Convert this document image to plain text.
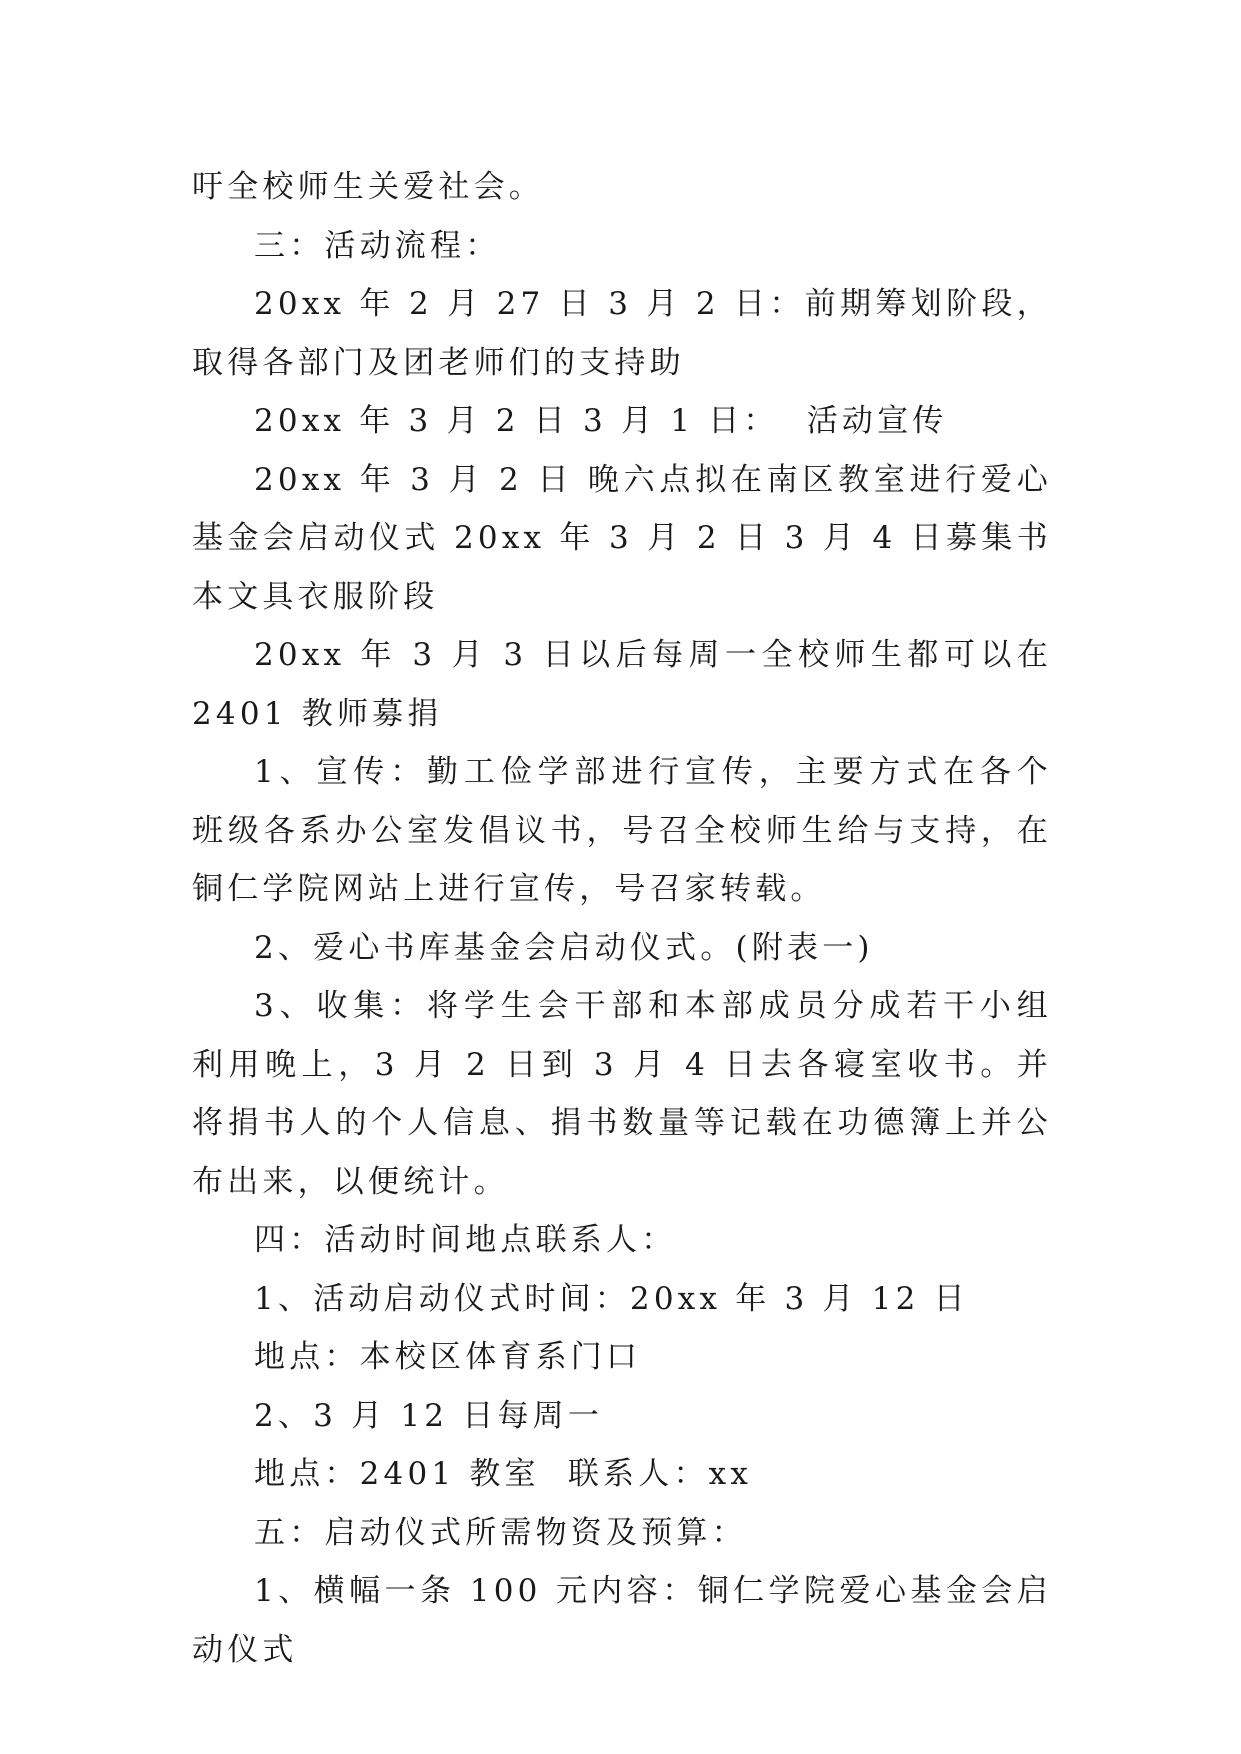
吁全校师生关爱社会。

三：活动流程：

20xx 年 2 月 27 日 3 月 2 日：前期筹划阶段，取得各部门及团老师们的支持助

20xx 年 3 月 2 日 3 月 1 日：  活动宣传

20xx 年 3 月 2 日 晚六点拟在南区教室进行爱心基金会启动仪式 20xx 年 3 月 2 日 3 月 4 日募集书本文具衣服阶段

20xx 年 3 月 3 日以后每周一全校师生都可以在 2401 教师募捐

1、宣传：勤工俭学部进行宣传，主要方式在各个班级各系办公室发倡议书，号召全校师生给与支持，在铜仁学院网站上进行宣传，号召家转载。

2、爱心书库基金会启动仪式。(附表一)

3、收集：将学生会干部和本部成员分成若干小组利用晚上，3 月 2 日到 3 月 4 日去各寝室收书。并将捐书人的个人信息、捐书数量等记载在功德簿上并公布出来，以便统计。

四：活动时间地点联系人：

1、活动启动仪式时间：20xx 年 3 月 12 日

地点：本校区体育系门口

2、3 月 12 日每周一

地点：2401 教室  联系人：xx

五：启动仪式所需物资及预算：

1、横幅一条 100 元内容：铜仁学院爱心基金会启动仪式
